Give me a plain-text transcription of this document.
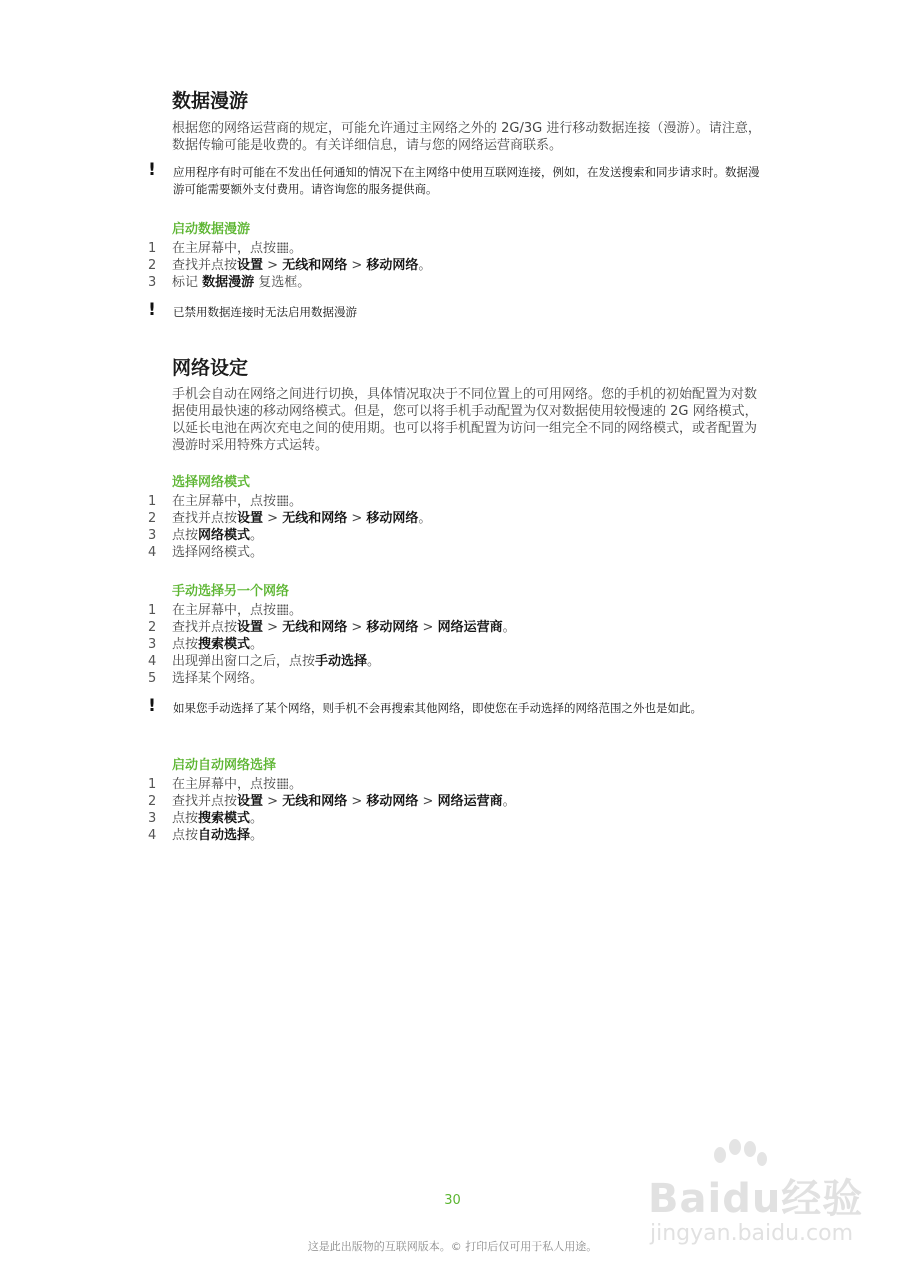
数据漫游

根据您的网络运营商的规定，可能允许通过主网络之外的 2G/3G 进行移动数据连接（漫游）。请注意，数据传输可能是收费的。有关详细信息，请与您的网络运营商联系。

! 应用程序有时可能在不发出任何通知的情况下在主网络中使用互联网连接，例如，在发送搜索和同步请求时。数据漫游可能需要额外支付费用。请咨询您的服务提供商。
启动数据漫游
1	在主屏幕中，点按 。
2	查找并点按设置 > 无线和网络 > 移动网络。
3	标记 数据漫游 复选框。
! 已禁用数据连接时无法启用数据漫游
网络设定

手机会自动在网络之间进行切换，具体情况取决于不同位置上的可用网络。您的手机的初始配置为对数据使用最快速的移动网络模式。但是，您可以将手机手动配置为仅对数据使用较慢速的 2G 网络模式，以延长电池在两次充电之间的使用期。也可以将手机配置为访问一组完全不同的网络模式，或者配置为漫游时采用特殊方式运转。

选择网络模式
1	在主屏幕中，点按 。
2	查找并点按设置 > 无线和网络 > 移动网络。
3	点按网络模式。
4	选择网络模式。
手动选择另一个网络
1	在主屏幕中，点按 。
2	查找并点按设置 > 无线和网络 > 移动网络 > 网络运营商。
3	点按搜索模式。
4	出现弹出窗口之后，点按手动选择。
5	选择某个网络。
! 如果您手动选择了某个网络，则手机不会再搜索其他网络，即使您在手动选择的网络范围之外也是如此。
启动自动网络选择
1	在主屏幕中，点按 。
2	查找并点按设置 > 无线和网络 > 移动网络 > 网络运营商。
3	点按搜索模式。
4	点按自动选择。
Baidu经验
jingyan.baidu.com
30
这是此出版物的互联网版本。© 打印后仅可用于私人用途。
